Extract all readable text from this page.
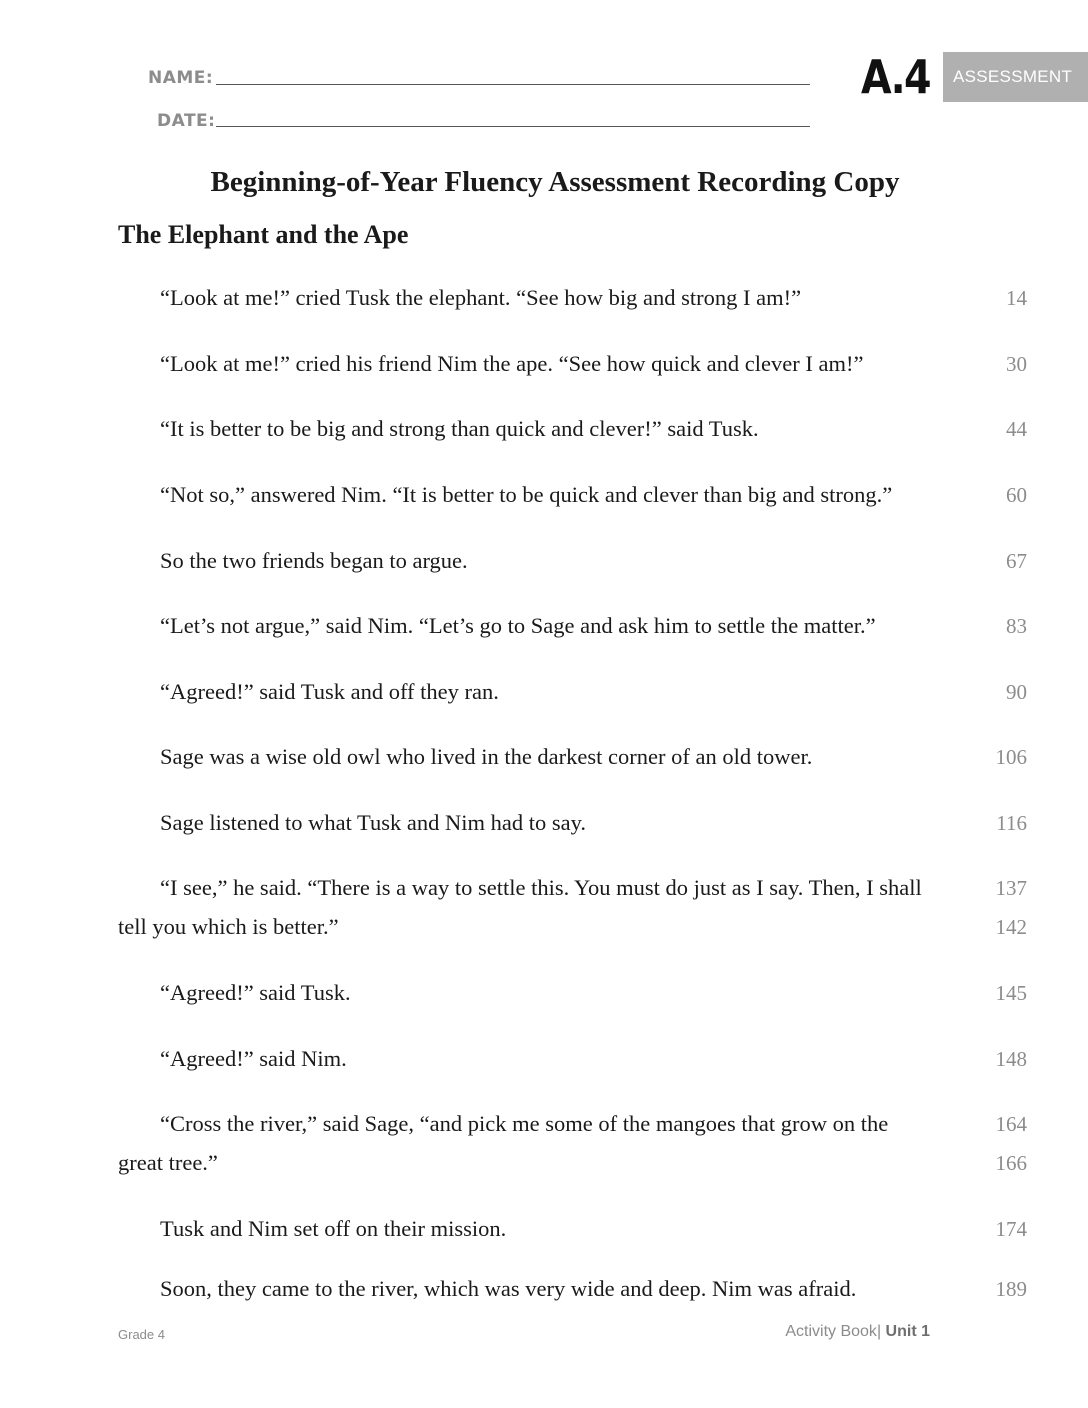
NAME:
DATE:
A.4	ASSESSMENT
Beginning-of-Year Fluency Assessment Recording Copy
The Elephant and the Ape
“Look at me!” cried Tusk the elephant. “See how big and strong I am!”	14
“Look at me!” cried his friend Nim the ape. “See how quick and clever I am!”	30
“It is better to be big and strong than quick and clever!” said Tusk.	44
“Not so,” answered Nim. “It is better to be quick and clever than big and strong.”	60
So the two friends began to argue.	67
“Let’s not argue,” said Nim. “Let’s go to Sage and ask him to settle the matter.”	83
“Agreed!” said Tusk and off they ran.	90
Sage was a wise old owl who lived in the darkest corner of an old tower.	106
Sage listened to what Tusk and Nim had to say.	116
“I see,” he said. “There is a way to settle this. You must do just as I say. Then, I shall	137
tell you which is better.”	142
“Agreed!” said Tusk.	145
“Agreed!” said Nim.	148
“Cross the river,” said Sage, “and pick me some of the mangoes that grow on the	164
great tree.”	166
Tusk and Nim set off on their mission.	174
Soon, they came to the river, which was very wide and deep. Nim was afraid.	189
Grade 4	Activity Book| Unit 1
